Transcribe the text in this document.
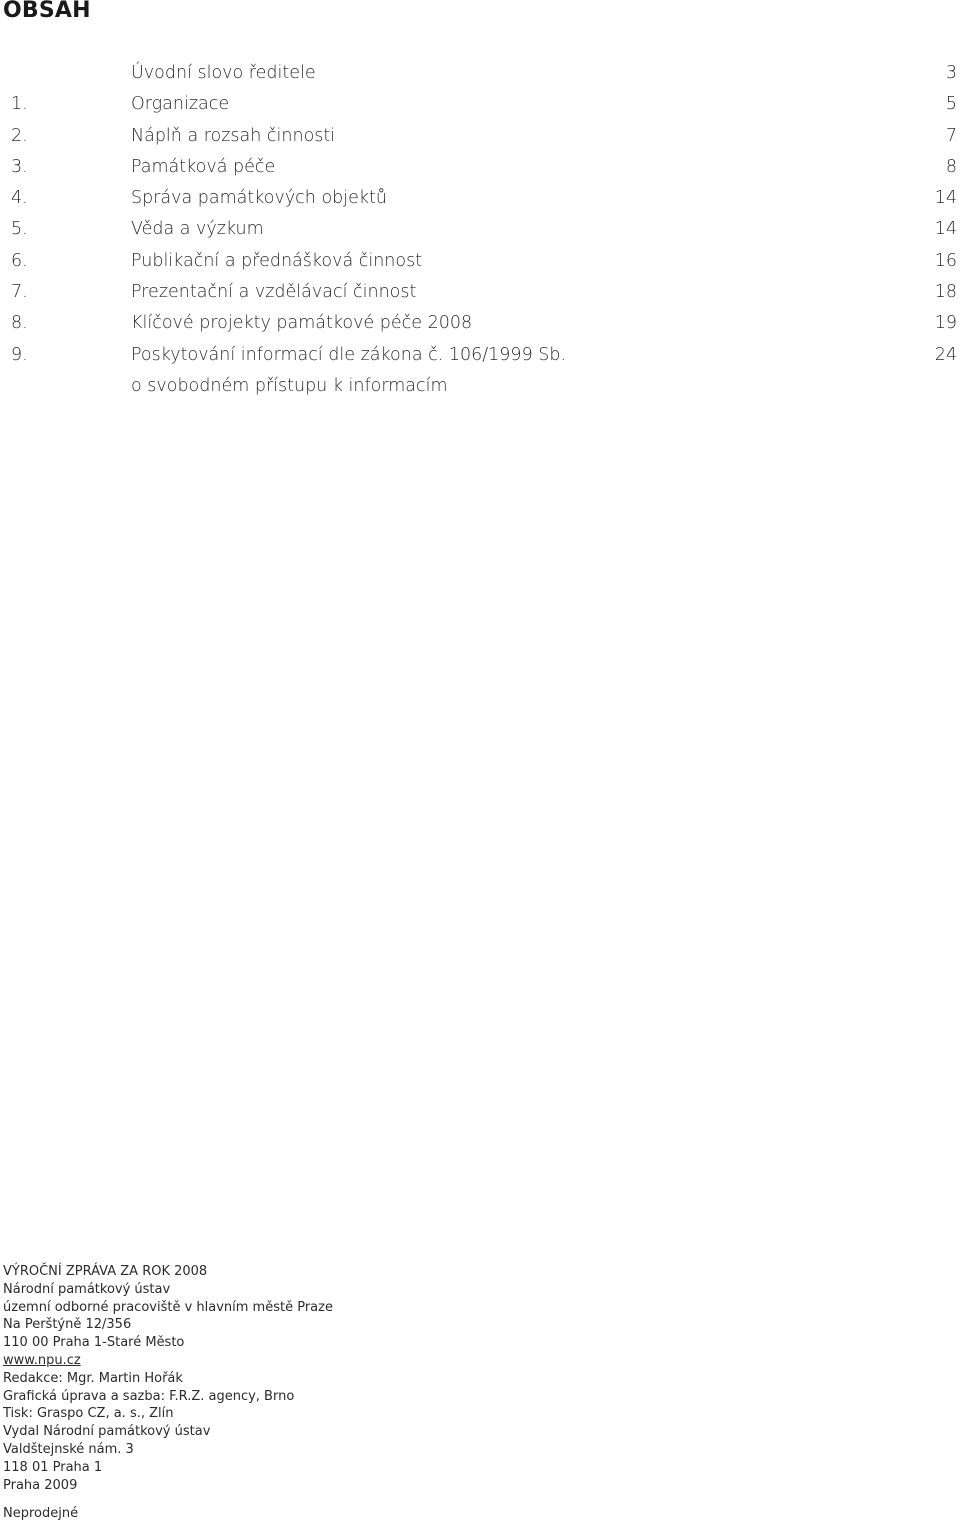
OBSAH
Úvodní slovo ředitele	3
1.	Organizace	5
2.	Náplň a rozsah činnosti	7
3.	Památková péče	8
4.	Správa památkových objektů	14
5.	Věda a výzkum	14
6.	Publikační a přednášková činnost	16
7.	Prezentační a vzdělávací činnost	18
8.	Klíčové projekty památkové péče 2008	19
9.	Poskytování informací dle zákona č. 106/1999 Sb.	24
o svobodném přístupu k informacím
VÝROČNÍ ZPRÁVA ZA ROK 2008
Národní památkový ústav
územní odborné pracoviště v hlavním městě Praze
Na Perštýně 12/356
110 00 Praha 1-Staré Město
www.npu.cz
Redakce: Mgr. Martin Hořák
Grafická úprava a sazba: F.R.Z. agency, Brno
Tisk: Graspo CZ, a. s., Zlín
Vydal Národní památkový ústav
Valdštejnské nám. 3
118 01 Praha 1
Praha 2009
Neprodejné
